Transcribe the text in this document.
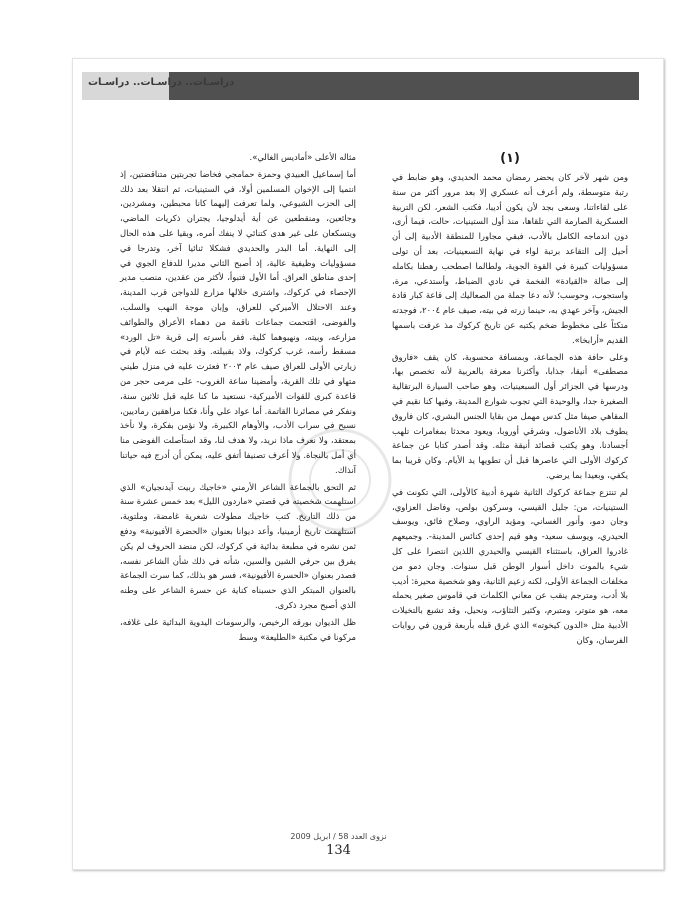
دراسـات.. دراسـات.. دراسـات
(١)

ومن شهر لآخر كان يحضر رمضان محمد الحديدي، وهو ضابط في رتبة متوسطة، ولم أعرف أنه عسكري إلا بعد مرور أكثر من سنة على لقاءاتنا، وسعى بجد لأن يكون أديبا، فكتب الشعر، لكن التربية العسكرية الصارمة التي تلقاها، منذ أول الستينيات، حالت، فيما أرى، دون اندماجه الكامل بالأدب، فبقي مجاورا للمنطقة الأدبية إلى أن أحيل إلى التقاعد برتبة لواء في نهاية التسعينيات، بعد أن تولى مسؤوليات كبيرة في القوة الجوية، ولطالما اصطحب رهطنا بكامله إلى صالة «القيادة» الفخمة في نادي الضباط، وأستدعي، مرة، واستجوب، وحوسب؛ لأنه دعا جملة من الصعاليك إلى قاعة كبار قادة الجيش، وآخر عهدي به، حينما زرته في بيته، صيف عام ٢٠٠٤، فوجدته متكئاً على مخطوط ضخم يكتبه عن تاريخ كركوك مذ عرفت باسمها القديم «أرابخا».

وعلى حافة هذه الجماعة، وبمسافة محسوبة، كان يقف «فاروق مصطفى» أنيقا، جذابا، وأكثرنا معرفة بالعربية لأنه تخصص بها، ودرسها في الجزائر أول السبعينيات، وهو صاحب السيارة البرتقالية الصغيرة جدا، والوحيدة التي تجوب شوارع المدينة، وفيها كنا نقيم في المقاهي صيفا مثل كدس مهمل من بقايا الجنس البشري، كان فاروق يطوف بلاد الأناضول، وشرقي أوروبا، ويعود محدثا بمغامرات تلهب أجسادنا. وهو يكتب قصائد أنيقة مثله. وقد أصدر كتابا عن جماعة كركوك الأولى التي عاصرها قبل أن تطويها يد الأيام. وكان قريبا بما يكفي، وبعيدا بما يرضي.

لم تنتزع جماعة كركوك الثانية شهرة أدبية كالأولى، التي تكونت في الستينيات، من: جليل القيسي، وسركون بولص، وفاضل العزاوي، وجان دمو، وأنور الغساني، ومؤيد الراوي، وصلاح فائق، ويوسف الحيدري، ويوسف سعيد- وهو قيم إحدى كنائس المدينة-. وجميعهم غادروا العراق، باستثناء القيسي والحيدري اللذين انتصرا على كل شيء بالموت داخل أسوار الوطن قبل سنوات. وجان دمو من مخلفات الجماعة الأولى، لكنه زعيم الثانية، وهو شخصية محيرة: أديب بلا أدب، ومترجم ينقب عن معاني الكلمات في قاموس صغير يحمله معه، هو متوتر، ومتبرم، وكثير التثاؤب، ونحيل، وقد تشبع بالتخيلات الأدبية مثل «الدون كيخوته» الذي غرق قبله بأربعة قرون في روايات الفرسان، وكان

مثاله الأعلى «أماديس الغالي».

أما إسماعيل العبيدي وحمزة حمامجي فخاضا تجربتين متناقضتين، إذ انتميا إلى الإخوان المسلمين أولا، في الستينيات، ثم انتقلا بعد ذلك إلى الحزب الشيوعي، ولما تعرفت إليهما كانا محبطين، ومشردين، وجائعين، ومنقطعين عن أية أيدلوجيا، يجتران ذكريات الماضي، ويتسكعان على غير هدى كتنائي لا ينفك أمره، وبقيا على هذه الحال إلى النهاية. أما البدر والحديدي فشكلا ثنائيا آخر، وتدرجا في مسؤوليات وظيفية عالية، إذ أصبح الثاني مديرا للدفاع الجوي في إحدى مناطق العراق. أما الأول فتبوأ، لأكثر من عقدين، منصب مدير الإحصاء في كركوك، واشترى خلالها مزارع للدواجن قرب المدينة، وعند الاحتلال الأميركي للعراق، وإبان موجة النهب والسلب، والفوضى، اقتحمت جماعات ناقمة من دهماء الأعراق والطوائف مزارعه، وبيته، ونهبوهما كلية، فقر بأسرته إلى قرية «تل الورد» مسقط رأسه، غرب كركوك، ولاذ بقبيلته. وقد بحثت عنه لأيام في زيارتي الأولى للعراق صيف عام ٢٠٠٣ فعثرت عليه في منزل طيني متهاو في تلك القرية، وأمضينا ساعة الغروب- على مرمى حجر من قاعدة كبرى للقوات الأميركية- نستعيد ما كنا عليه قبل ثلاثين سنة، ونفكر في مصائرنا القاتمة. أما عواد علي وأنا، فكنا مراهقين رماديين، نسبح في سراب الأدب، والأوهام الكبيرة، ولا نؤمن بفكرة، ولا نأخذ بمعتقد، ولا نعرف ماذا نريد، ولا هدف لنا، وقد استأصلت الفوضى منا أي أمل بالنجاة. ولا أعرف تصنيفا أتفق عليه، يمكن أن أدرج فيه حياتنا آنذاك.

ثم التحق بالجماعة الشاعر الأرمني «خاجيك ربيت آيدنجيان» الذي استلهمت شخصيته في قصتي «ماردون الليل» بعد خمس عشرة سنة من ذلك التاريخ. كتب خاجيك مطولات شعرية غامضة، وملتوية، استلهمت تاريخ أرمينيا، وأعد ديوانا بعنوان «الحضرة الأفيونية» ودفع ثمن نشره في مطبعة بدائية في كركوك، لكن منضد الحروف لم يكن يفرق بين حرفي الشين والسين، شأنه في ذلك شأن الشاعر نفسه، فصدر بعنوان «الحسرة الأفيونية»، فسر هو بذلك، كما سرت الجماعة بالعنوان المبتكر الذي حسبناه كناية عن حسرة الشاعر على وطنه الذي أصبح مجرد ذكرى.

ظل الديوان بورقه الرخيص، والرسومات اليدوية البدائية على غلافه، مركونا في مكتبة «الطليعة» وسط

نزوى العدد 58 / ابريل 2009
134
